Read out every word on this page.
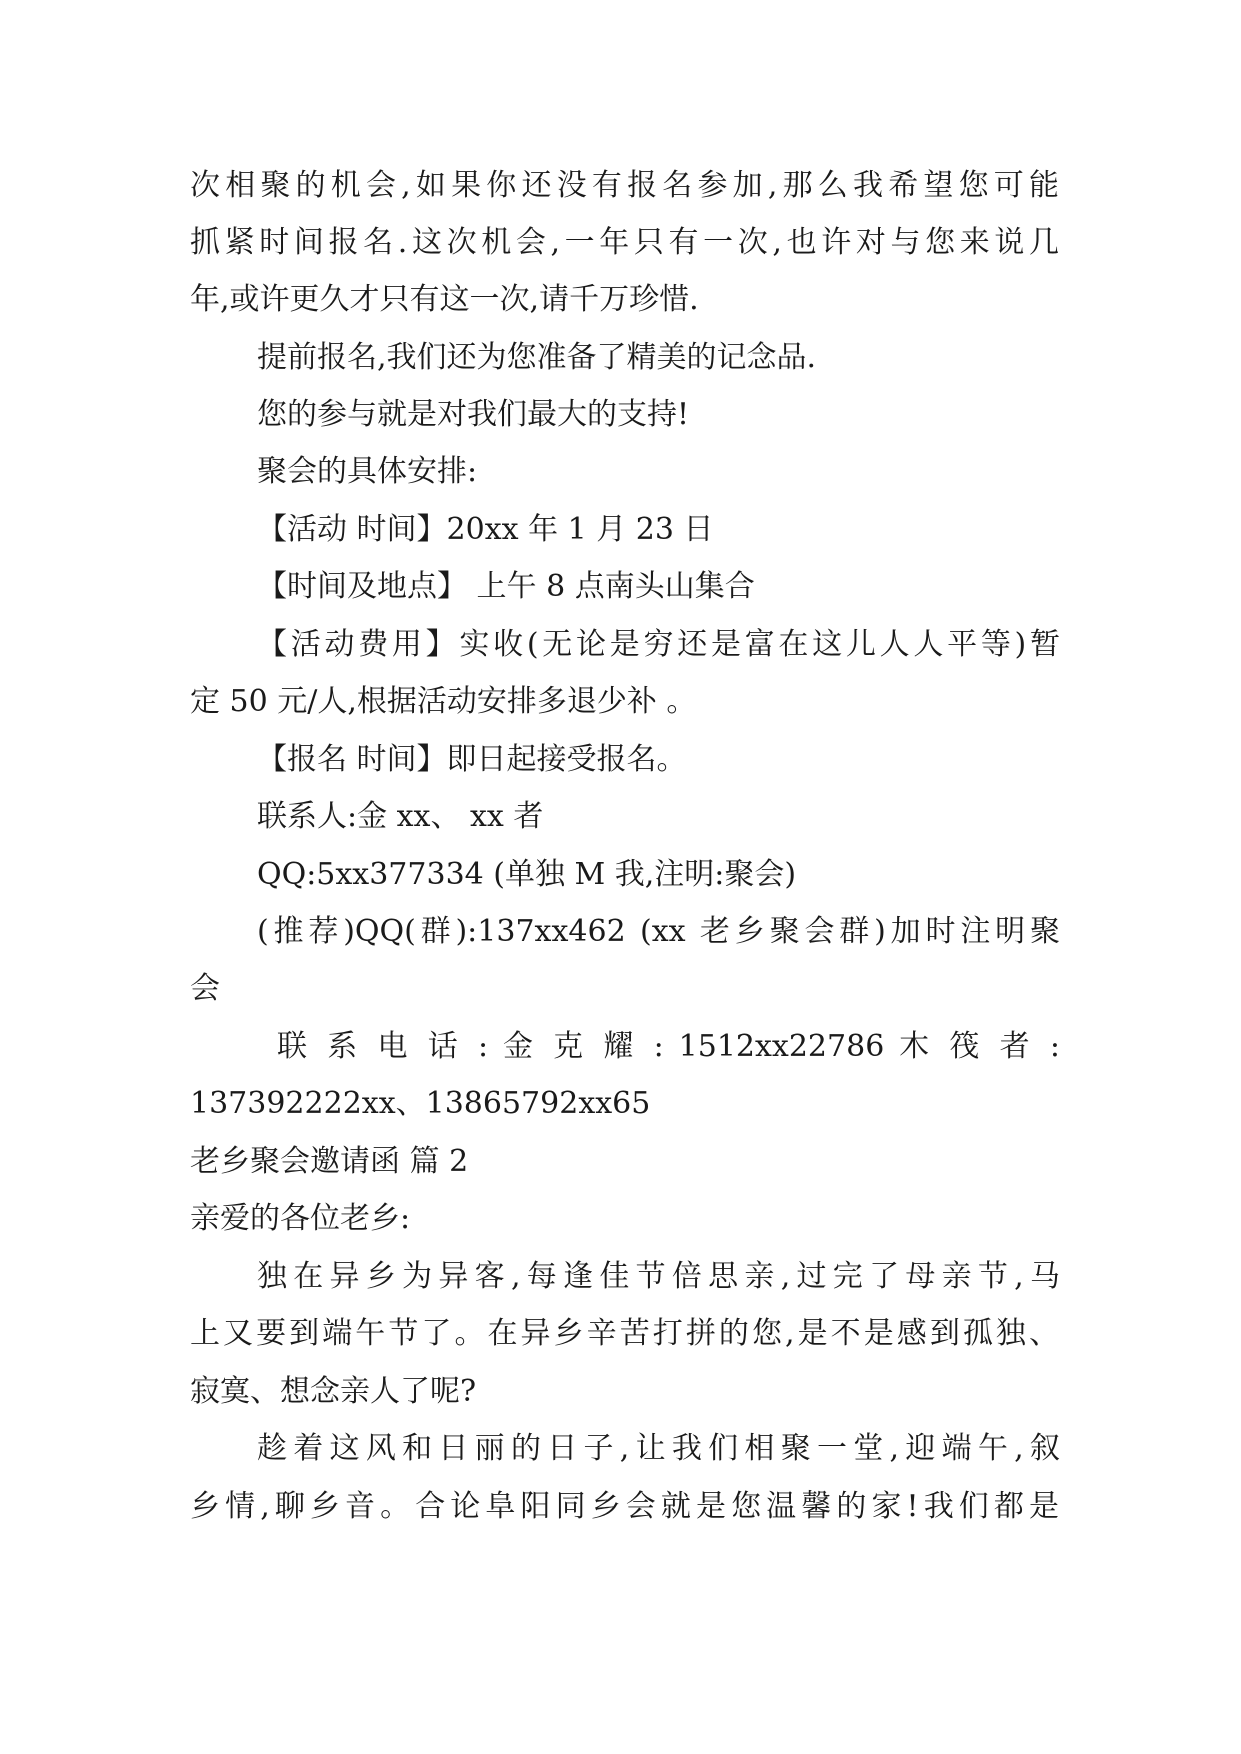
次相聚的机会,如果你还没有报名参加,那么我希望您可能
抓紧时间报名.这次机会,一年只有一次,也许对与您来说几
年,或许更久才只有这一次,请千万珍惜.
提前报名,我们还为您准备了精美的记念品.
您的参与就是对我们最大的支持!
聚会的具体安排:
【活动 时间】20xx 年 1 月 23 日
【时间及地点】 上午 8 点南头山集合
【活动费用】实收(无论是穷还是富在这儿人人平等)暂
定 50 元/人,根据活动安排多退少补 。
【报名 时间】即日起接受报名。
联系人:金 xx、 xx 者
QQ:5xx377334 (单独 M 我,注明:聚会)
(推荐)QQ(群):137xx462 (xx 老乡聚会群)加时注明聚
会
联 系 电 话 : 金 克 耀 : 1512xx22786 木 筏 者 :
137392222xx、13865792xx65
老乡聚会邀请函 篇 2
亲爱的各位老乡:
独在异乡为异客,每逢佳节倍思亲,过完了母亲节,马
上又要到端午节了。在异乡辛苦打拼的您,是不是感到孤独、
寂寞、想念亲人了呢?
趁着这风和日丽的日子,让我们相聚一堂,迎端午,叙
乡情,聊乡音。合论阜阳同乡会就是您温馨的家!我们都是
